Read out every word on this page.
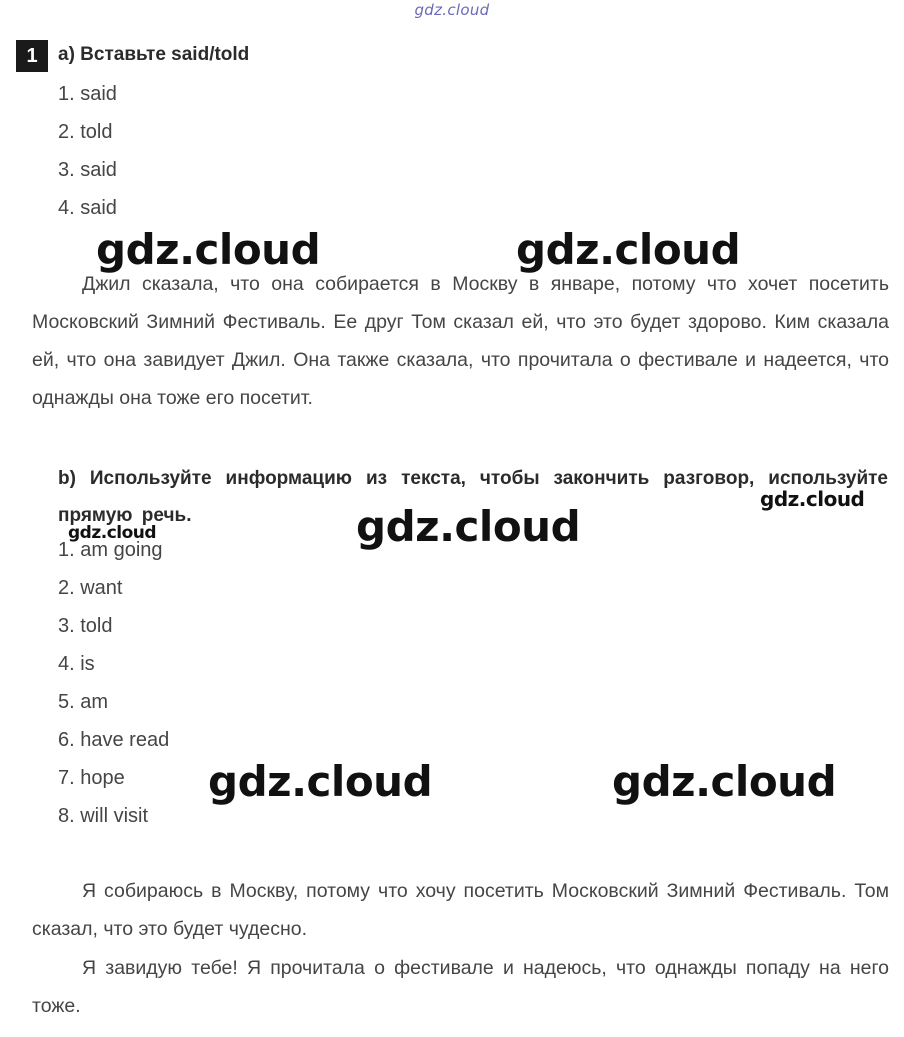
gdz.cloud
1	a) Вставьте said/told
1. said
2. told
3. said
4. said

Джил сказала, что она собирается в Москву в январе, потому что хочет посетить Московский Зимний Фестиваль. Ее друг Том сказал ей, что это будет здорово. Ким сказала ей, что она завидует Джил. Она также сказала, что прочитала о фестивале и надеется, что однажды она тоже его посетит.

b) Используйте информацию из текста, чтобы закончить разговор, используйте прямую речь.
1. am going
2. want
3. told
4. is
5. am
6. have read
7. hope
8. will visit

Я собираюсь в Москву, потому что хочу посетить Московский Зимний Фестиваль. Том сказал, что это будет чудесно.

Я завидую тебе! Я прочитала о фестивале и надеюсь, что однажды попаду на него тоже.

gdz.cloud	gdz.cloud
gdz.cloud
gdz.cloud
gdz.cloud
gdz.cloud	gdz.cloud
